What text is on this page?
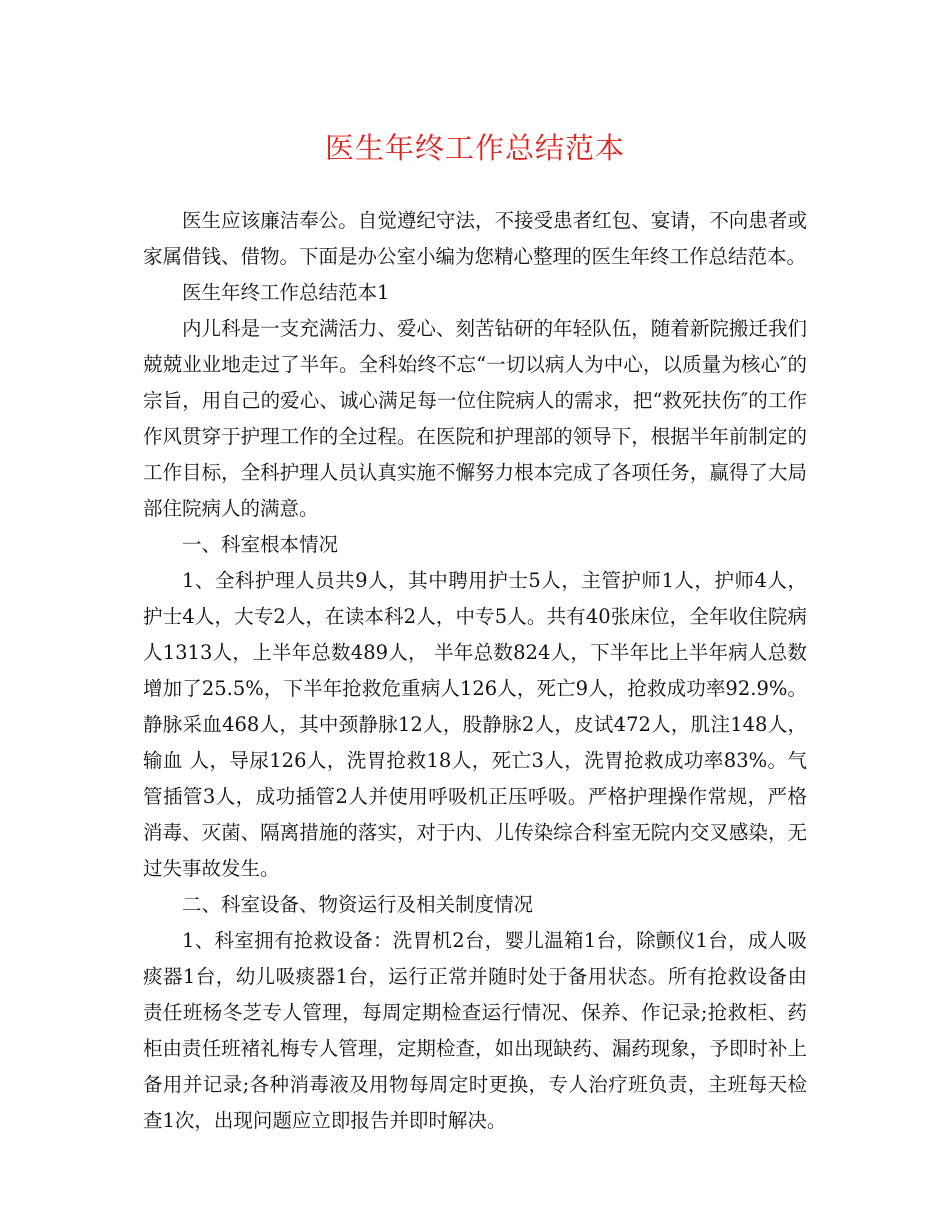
医生年终工作总结范本

医生应该廉洁奉公。自觉遵纪守法，不接受患者红包、宴请，不向患者或家属借钱、借物。下面是办公室小编为您精心整理的医生年终工作总结范本。

医生年终工作总结范本1

内儿科是一支充满活力、爱心、刻苦钻研的年轻队伍，随着新院搬迁我们兢兢业业地走过了半年。全科始终不忘“一切以病人为中心，以质量为核心″的宗旨，用自己的爱心、诚心满足每一位住院病人的需求，把“救死扶伤″的工作作风贯穿于护理工作的全过程。在医院和护理部的领导下，根据半年前制定的工作目标，全科护理人员认真实施不懈努力根本完成了各项任务，赢得了大局部住院病人的满意。

一、科室根本情况

1、全科护理人员共9人，其中聘用护士5人，主管护师1人，护师4人，护士4人，大专2人，在读本科2人，中专5人。共有40张床位，全年收住院病人1313人，上半年总数489人， 半年总数824人，下半年比上半年病人总数增加了25.5%，下半年抢救危重病人126人，死亡9人，抢救成功率92.9%。静脉采血468人，其中颈静脉12人，股静脉2人，皮试472人，肌注148人，输血 人，导尿126人，洗胃抢救18人，死亡3人，洗胃抢救成功率83%。气管插管3人，成功插管2人并使用呼吸机正压呼吸。严格护理操作常规，严格消毒、灭菌、隔离措施的落实，对于内、儿传染综合科室无院内交叉感染，无过失事故发生。

二、科室设备、物资运行及相关制度情况

1、科室拥有抢救设备：洗胃机2台，婴儿温箱1台，除颤仪1台，成人吸痰器1台，幼儿吸痰器1台，运行正常并随时处于备用状态。所有抢救设备由责任班杨冬芝专人管理，每周定期检查运行情况、保养、作记录;抢救柜、药柜由责任班褚礼梅专人管理，定期检查，如出现缺药、漏药现象，予即时补上备用并记录;各种消毒液及用物每周定时更换，专人治疗班负责，主班每天检查1次，出现问题应立即报告并即时解决。
